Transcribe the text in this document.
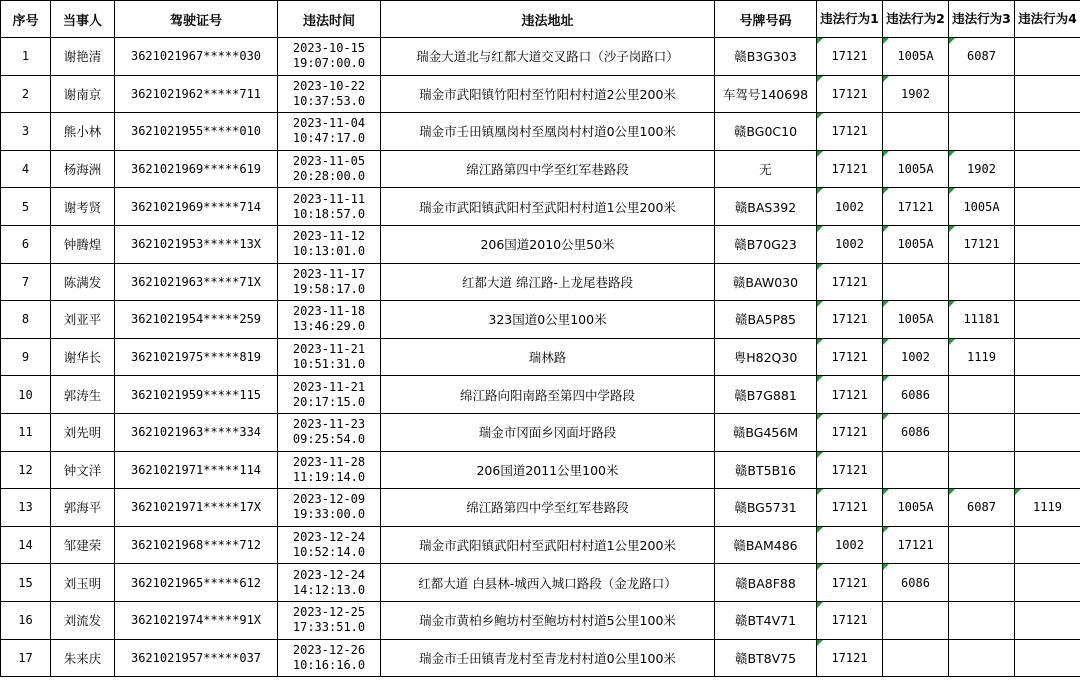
序号	当事人	驾驶证号	违法时间	违法地址	号牌号码	违法行为1	违法行为2	违法行为3	违法行为4
1	谢艳清	3621021967*****030	2023-10-15 19:07:00.0	瑞金大道北与红都大道交叉路口（沙子岗路口）	赣B3G303	17121	1005A	6087	
2	谢南京	3621021962*****711	2023-10-22 10:37:53.0	瑞金市武阳镇竹阳村至竹阳村村道2公里200米	车驾号140698	17121	1902		
3	熊小林	3621021955*****010	2023-11-04 10:47:17.0	瑞金市壬田镇凰岗村至凰岗村村道0公里100米	赣BG0C10	17121			
4	杨海洲	3621021969*****619	2023-11-05 20:28:00.0	绵江路第四中学至红军巷路段	无	17121	1005A	1902	
5	谢考贤	3621021969*****714	2023-11-11 10:18:57.0	瑞金市武阳镇武阳村至武阳村村道1公里200米	赣BAS392	1002	17121	1005A	
6	钟腾煌	3621021953*****13X	2023-11-12 10:13:01.0	206国道2010公里50米	赣B70G23	1002	1005A	17121	
7	陈满发	3621021963*****71X	2023-11-17 19:58:17.0	红都大道 绵江路-上龙尾巷路段	赣BAW030	17121			
8	刘亚平	3621021954*****259	2023-11-18 13:46:29.0	323国道0公里100米	赣BA5P85	17121	1005A	11181	
9	谢华长	3621021975*****819	2023-11-21 10:51:31.0	瑞林路	粤H82Q30	17121	1002	1119	
10	郭涛生	3621021959*****115	2023-11-21 20:17:15.0	绵江路向阳南路至第四中学路段	赣B7G881	17121	6086		
11	刘先明	3621021963*****334	2023-11-23 09:25:54.0	瑞金市冈面乡冈面圩路段	赣BG456M	17121	6086		
12	钟文洋	3621021971*****114	2023-11-28 11:19:14.0	206国道2011公里100米	赣BT5B16	17121			
13	郭海平	3621021971*****17X	2023-12-09 19:33:00.0	绵江路第四中学至红军巷路段	赣BG5731	17121	1005A	6087	1119
14	邹建荣	3621021968*****712	2023-12-24 10:52:14.0	瑞金市武阳镇武阳村至武阳村村道1公里200米	赣BAM486	1002	17121		
15	刘玉明	3621021965*****612	2023-12-24 14:12:13.0	红都大道 白县林-城西入城口路段（金龙路口）	赣BA8F88	17121	6086		
16	刘流发	3621021974*****91X	2023-12-25 17:33:51.0	瑞金市黄柏乡鲍坊村至鲍坊村村道5公里100米	赣BT4V71	17121			
17	朱来庆	3621021957*****037	2023-12-26 10:16:16.0	瑞金市壬田镇青龙村至青龙村村道0公里100米	赣BT8V75	17121			
